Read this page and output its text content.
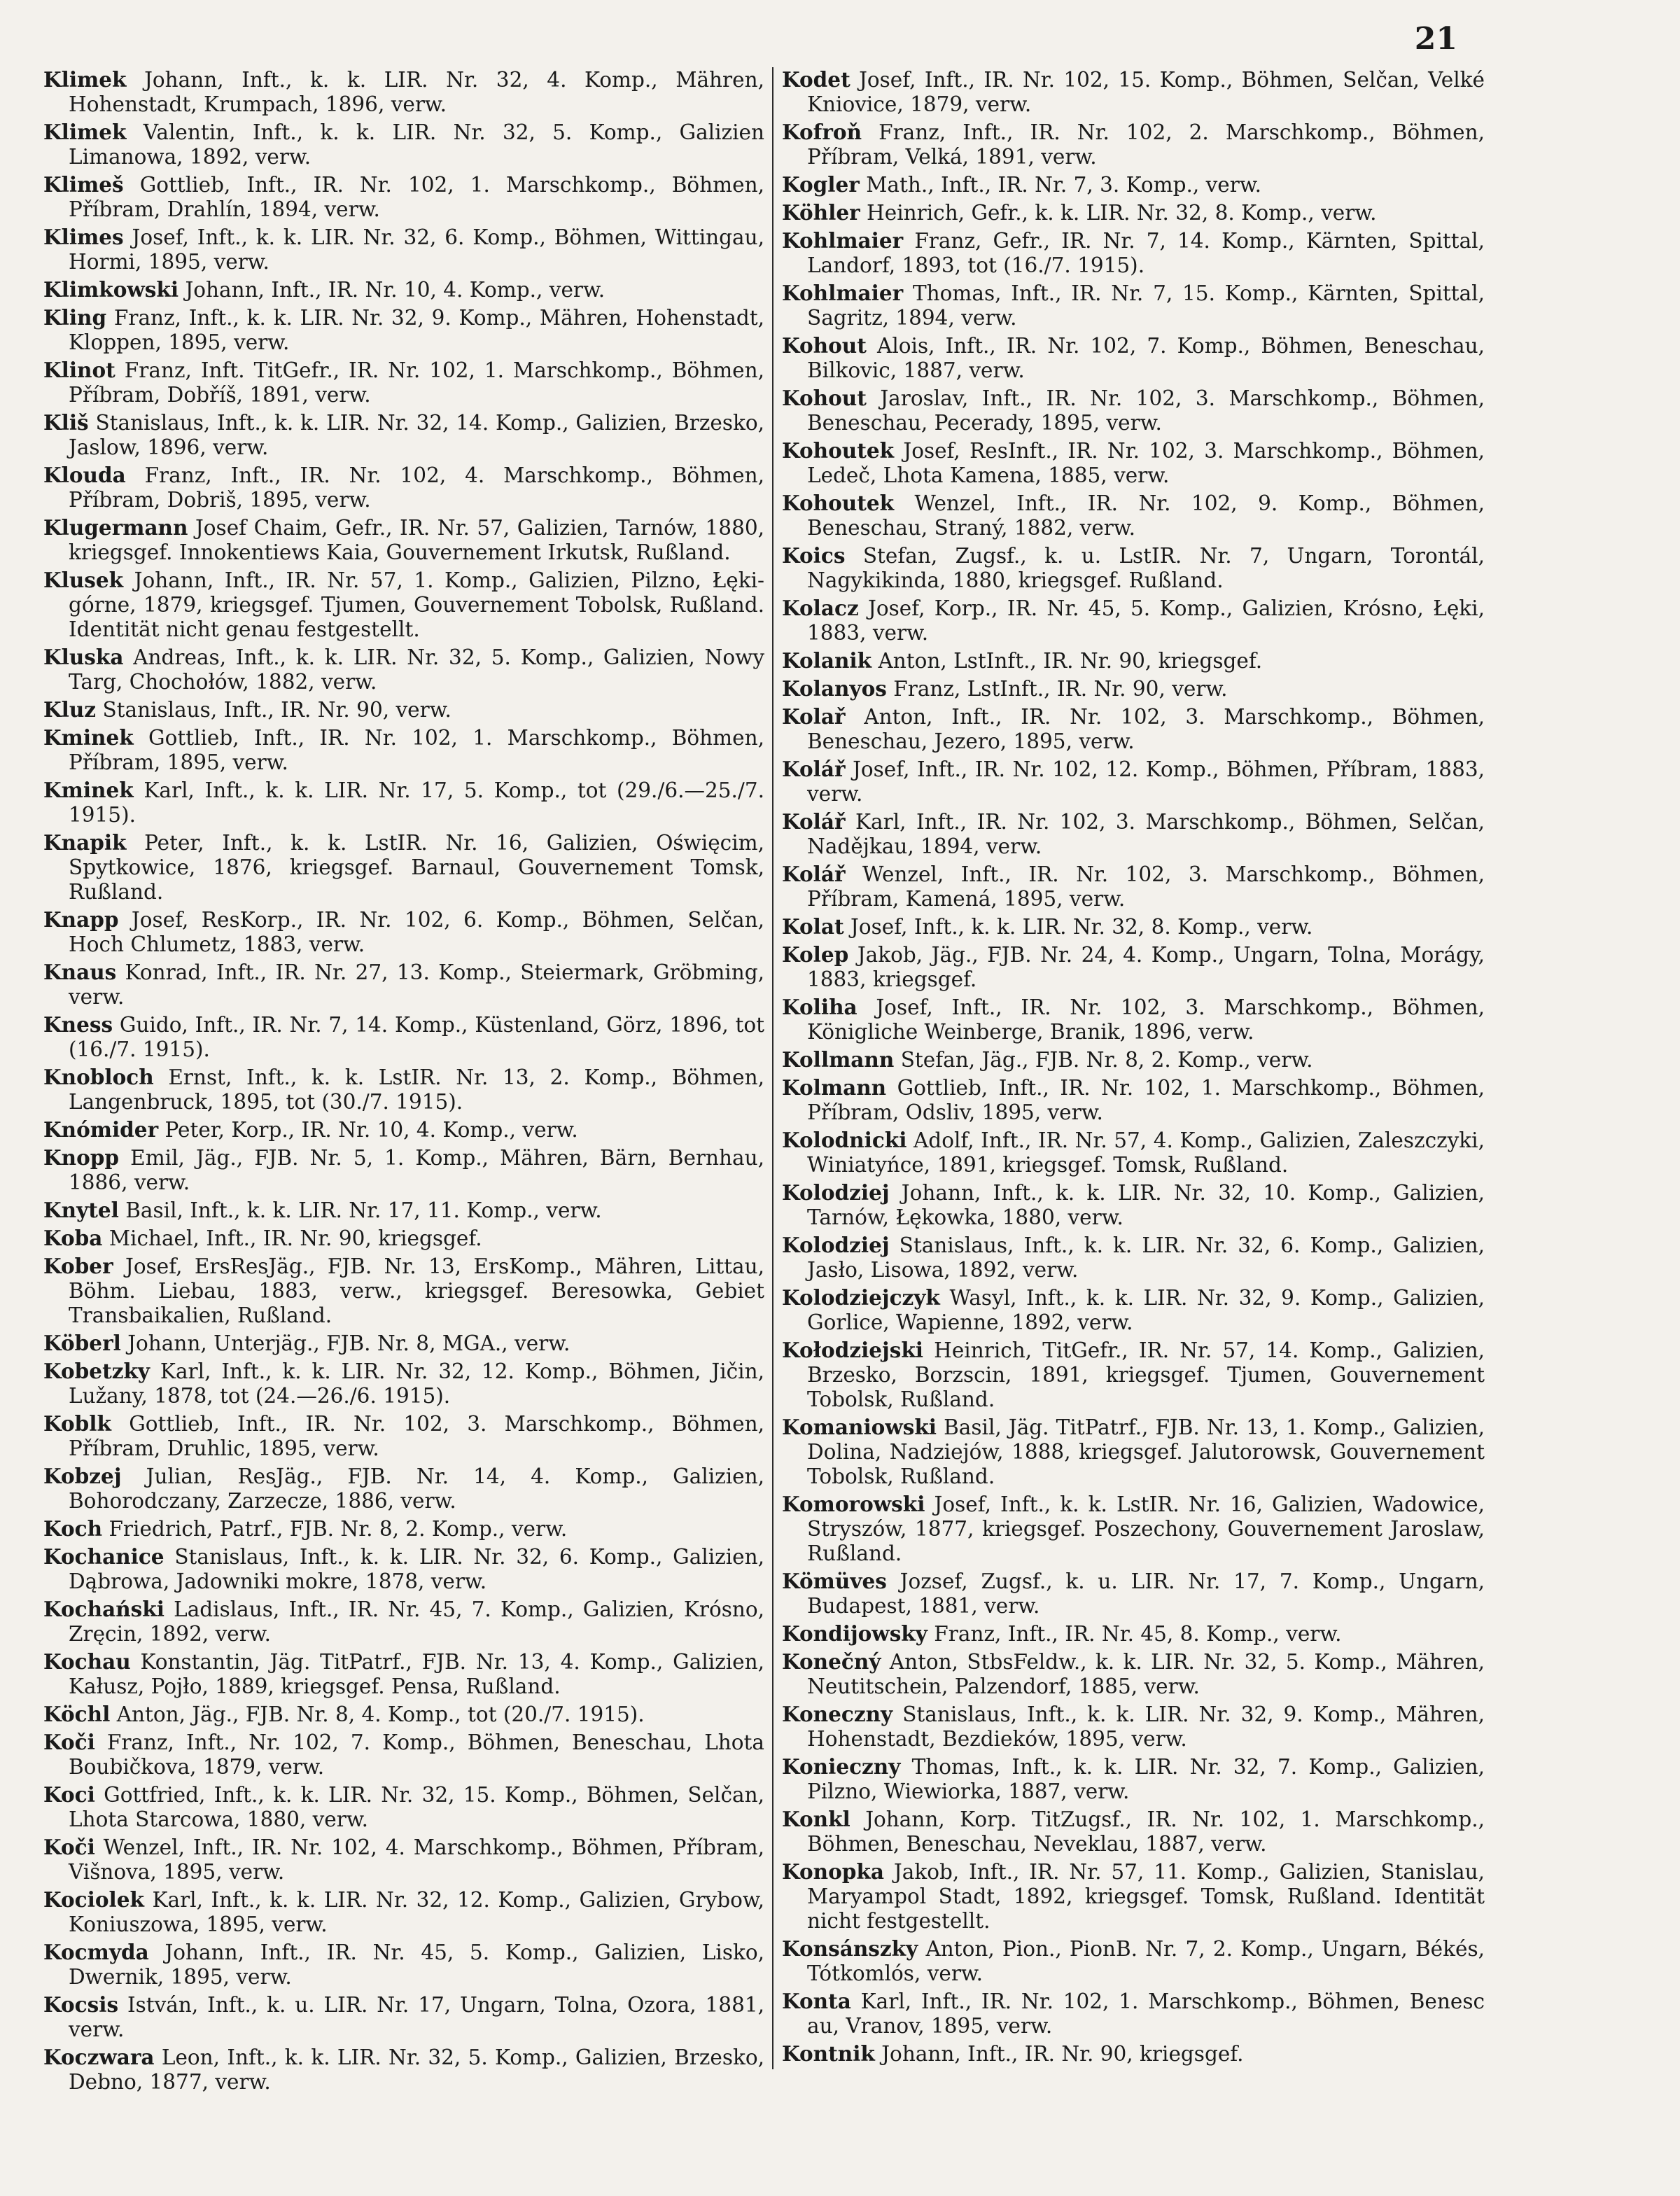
21

Klimek Johann, Inft., k. k. LIR. Nr. 32, 4. Komp., Mähren, Hohenstadt, Krumpach, 1896, verw.

Klimek Valentin, Inft., k. k. LIR. Nr. 32, 5. Komp., Galizien Limanowa, 1892, verw.

Klimeš Gottlieb, Inft., IR. Nr. 102, 1. Marschkomp., Böhmen, Příbram, Drahlín, 1894, verw.

Klimes Josef, Inft., k. k. LIR. Nr. 32, 6. Komp., Böhmen, Wittingau, Hormi, 1895, verw.

Klimkowski Johann, Inft., IR. Nr. 10, 4. Komp., verw.

Kling Franz, Inft., k. k. LIR. Nr. 32, 9. Komp., Mähren, Hohenstadt, Kloppen, 1895, verw.

Klinot Franz, Inft. TitGefr., IR. Nr. 102, 1. Marschkomp., Böhmen, Příbram, Dobříš, 1891, verw.

Kliš Stanislaus, Inft., k. k. LIR. Nr. 32, 14. Komp., Galizien, Brzesko, Jaslow, 1896, verw.

Klouda Franz, Inft., IR. Nr. 102, 4. Marschkomp., Böhmen, Příbram, Dobriš, 1895, verw.

Klugermann Josef Chaim, Gefr., IR. Nr. 57, Galizien, Tarnów, 1880, kriegsgef. Innokentiews Kaia, Gouvernement Irkutsk, Rußland.

Klusek Johann, Inft., IR. Nr. 57, 1. Komp., Galizien, Pilzno, Łęki-górne, 1879, kriegsgef. Tjumen, Gouvernement Tobolsk, Rußland. Identität nicht genau festgestellt.

Kluska Andreas, Inft., k. k. LIR. Nr. 32, 5. Komp., Galizien, Nowy Targ, Chochołów, 1882, verw.

Kluz Stanislaus, Inft., IR. Nr. 90, verw.

Kminek Gottlieb, Inft., IR. Nr. 102, 1. Marschkomp., Böhmen, Příbram, 1895, verw.

Kminek Karl, Inft., k. k. LIR. Nr. 17, 5. Komp., tot (29./6.—25./7. 1915).

Knapik Peter, Inft., k. k. LstIR. Nr. 16, Galizien, Oświęcim, Spytkowice, 1876, kriegsgef. Barnaul, Gouvernement Tomsk, Rußland.

Knapp Josef, ResKorp., IR. Nr. 102, 6. Komp., Böhmen, Selčan, Hoch Chlumetz, 1883, verw.

Knaus Konrad, Inft., IR. Nr. 27, 13. Komp., Steiermark, Gröbming, verw.

Kness Guido, Inft., IR. Nr. 7, 14. Komp., Küstenland, Görz, 1896, tot (16./7. 1915).

Knobloch Ernst, Inft., k. k. LstIR. Nr. 13, 2. Komp., Böhmen, Langenbruck, 1895, tot (30./7. 1915).

Knómider Peter, Korp., IR. Nr. 10, 4. Komp., verw.

Knopp Emil, Jäg., FJB. Nr. 5, 1. Komp., Mähren, Bärn, Bernhau, 1886, verw.

Knytel Basil, Inft., k. k. LIR. Nr. 17, 11. Komp., verw.

Koba Michael, Inft., IR. Nr. 90, kriegsgef.

Kober Josef, ErsResJäg., FJB. Nr. 13, ErsKomp., Mähren, Littau, Böhm. Liebau, 1883, verw., kriegsgef. Beresowka, Gebiet Transbaikalien, Rußland.

Köberl Johann, Unterjäg., FJB. Nr. 8, MGA., verw.

Kobetzky Karl, Inft., k. k. LIR. Nr. 32, 12. Komp., Böhmen, Jičin, Lužany, 1878, tot (24.—26./6. 1915).

Koblk Gottlieb, Inft., IR. Nr. 102, 3. Marschkomp., Böhmen, Příbram, Druhlic, 1895, verw.

Kobzej Julian, ResJäg., FJB. Nr. 14, 4. Komp., Galizien, Bohorodczany, Zarzecze, 1886, verw.

Koch Friedrich, Patrf., FJB. Nr. 8, 2. Komp., verw.

Kochanice Stanislaus, Inft., k. k. LIR. Nr. 32, 6. Komp., Galizien, Dąbrowa, Jadowniki mokre, 1878, verw.

Kochański Ladislaus, Inft., IR. Nr. 45, 7. Komp., Galizien, Krósno, Zręcin, 1892, verw.

Kochau Konstantin, Jäg. TitPatrf., FJB. Nr. 13, 4. Komp., Galizien, Kałusz, Pojło, 1889, kriegsgef. Pensa, Rußland.

Köchl Anton, Jäg., FJB. Nr. 8, 4. Komp., tot (20./7. 1915).

Koči Franz, Inft., Nr. 102, 7. Komp., Böhmen, Beneschau, Lhota Boubičkova, 1879, verw.

Koci Gottfried, Inft., k. k. LIR. Nr. 32, 15. Komp., Böhmen, Selčan, Lhota Starcowa, 1880, verw.

Koči Wenzel, Inft., IR. Nr. 102, 4. Marschkomp., Böhmen, Příbram, Višnova, 1895, verw.

Kociolek Karl, Inft., k. k. LIR. Nr. 32, 12. Komp., Galizien, Grybow, Koniuszowa, 1895, verw.

Kocmyda Johann, Inft., IR. Nr. 45, 5. Komp., Galizien, Lisko, Dwernik, 1895, verw.

Kocsis István, Inft., k. u. LIR. Nr. 17, Ungarn, Tolna, Ozora, 1881, verw.

Koczwara Leon, Inft., k. k. LIR. Nr. 32, 5. Komp., Galizien, Brzesko, Debno, 1877, verw.

Kodet Josef, Inft., IR. Nr. 102, 15. Komp., Böhmen, Selčan, Velké Kniovice, 1879, verw.

Kofroň Franz, Inft., IR. Nr. 102, 2. Marschkomp., Böhmen, Příbram, Velká, 1891, verw.

Kogler Math., Inft., IR. Nr. 7, 3. Komp., verw.

Köhler Heinrich, Gefr., k. k. LIR. Nr. 32, 8. Komp., verw.

Kohlmaier Franz, Gefr., IR. Nr. 7, 14. Komp., Kärnten, Spittal, Landorf, 1893, tot (16./7. 1915).

Kohlmaier Thomas, Inft., IR. Nr. 7, 15. Komp., Kärnten, Spittal, Sagritz, 1894, verw.

Kohout Alois, Inft., IR. Nr. 102, 7. Komp., Böhmen, Beneschau, Bilkovic, 1887, verw.

Kohout Jaroslav, Inft., IR. Nr. 102, 3. Marschkomp., Böhmen, Beneschau, Pecerady, 1895, verw.

Kohoutek Josef, ResInft., IR. Nr. 102, 3. Marschkomp., Böhmen, Ledeč, Lhota Kamena, 1885, verw.

Kohoutek Wenzel, Inft., IR. Nr. 102, 9. Komp., Böhmen, Beneschau, Straný, 1882, verw.

Koics Stefan, Zugsf., k. u. LstIR. Nr. 7, Ungarn, Torontál, Nagykikinda, 1880, kriegsgef. Rußland.

Kolacz Josef, Korp., IR. Nr. 45, 5. Komp., Galizien, Krósno, Łęki, 1883, verw.

Kolanik Anton, LstInft., IR. Nr. 90, kriegsgef.

Kolanyos Franz, LstInft., IR. Nr. 90, verw.

Kolař Anton, Inft., IR. Nr. 102, 3. Marschkomp., Böhmen, Beneschau, Jezero, 1895, verw.

Kolář Josef, Inft., IR. Nr. 102, 12. Komp., Böhmen, Příbram, 1883, verw.

Kolář Karl, Inft., IR. Nr. 102, 3. Marschkomp., Böhmen, Selčan, Nadějkau, 1894, verw.

Kolář Wenzel, Inft., IR. Nr. 102, 3. Marschkomp., Böhmen, Příbram, Kamená, 1895, verw.

Kolat Josef, Inft., k. k. LIR. Nr. 32, 8. Komp., verw.

Kolep Jakob, Jäg., FJB. Nr. 24, 4. Komp., Ungarn, Tolna, Morágy, 1883, kriegsgef.

Koliha Josef, Inft., IR. Nr. 102, 3. Marschkomp., Böhmen, Königliche Weinberge, Branik, 1896, verw.

Kollmann Stefan, Jäg., FJB. Nr. 8, 2. Komp., verw.

Kolmann Gottlieb, Inft., IR. Nr. 102, 1. Marschkomp., Böhmen, Příbram, Odsliv, 1895, verw.

Kolodnicki Adolf, Inft., IR. Nr. 57, 4. Komp., Galizien, Zaleszczyki, Winiatyńce, 1891, kriegsgef. Tomsk, Rußland.

Kolodziej Johann, Inft., k. k. LIR. Nr. 32, 10. Komp., Galizien, Tarnów, Łękowka, 1880, verw.

Kolodziej Stanislaus, Inft., k. k. LIR. Nr. 32, 6. Komp., Galizien, Jasło, Lisowa, 1892, verw.

Kolodziejczyk Wasyl, Inft., k. k. LIR. Nr. 32, 9. Komp., Galizien, Gorlice, Wapienne, 1892, verw.

Kołodziejski Heinrich, TitGefr., IR. Nr. 57, 14. Komp., Galizien, Brzesko, Borzscin, 1891, kriegsgef. Tjumen, Gouvernement Tobolsk, Rußland.

Komaniowski Basil, Jäg. TitPatrf., FJB. Nr. 13, 1. Komp., Galizien, Dolina, Nadziejów, 1888, kriegsgef. Jalutorowsk, Gouvernement Tobolsk, Rußland.

Komorowski Josef, Inft., k. k. LstIR. Nr. 16, Galizien, Wadowice, Stryszów, 1877, kriegsgef. Poszechony, Gouvernement Jaroslaw, Rußland.

Kömüves Jozsef, Zugsf., k. u. LIR. Nr. 17, 7. Komp., Ungarn, Budapest, 1881, verw.

Kondijowsky Franz, Inft., IR. Nr. 45, 8. Komp., verw.

Konečný Anton, StbsFeldw., k. k. LIR. Nr. 32, 5. Komp., Mähren, Neutitschein, Palzendorf, 1885, verw.

Koneczny Stanislaus, Inft., k. k. LIR. Nr. 32, 9. Komp., Mähren, Hohenstadt, Bezdieków, 1895, verw.

Konieczny Thomas, Inft., k. k. LIR. Nr. 32, 7. Komp., Galizien, Pilzno, Wiewiorka, 1887, verw.

Konkl Johann, Korp. TitZugsf., IR. Nr. 102, 1. Marschkomp., Böhmen, Beneschau, Neveklau, 1887, verw.

Konopka Jakob, Inft., IR. Nr. 57, 11. Komp., Galizien, Stanislau, Maryampol Stadt, 1892, kriegsgef. Tomsk, Rußland. Identität nicht festgestellt.

Konsánszky Anton, Pion., PionB. Nr. 7, 2. Komp., Ungarn, Békés, Tótkomlós, verw.

Konta Karl, Inft., IR. Nr. 102, 1. Marschkomp., Böhmen, Benesc au, Vranov, 1895, verw.

Kontnik Johann, Inft., IR. Nr. 90, kriegsgef.
